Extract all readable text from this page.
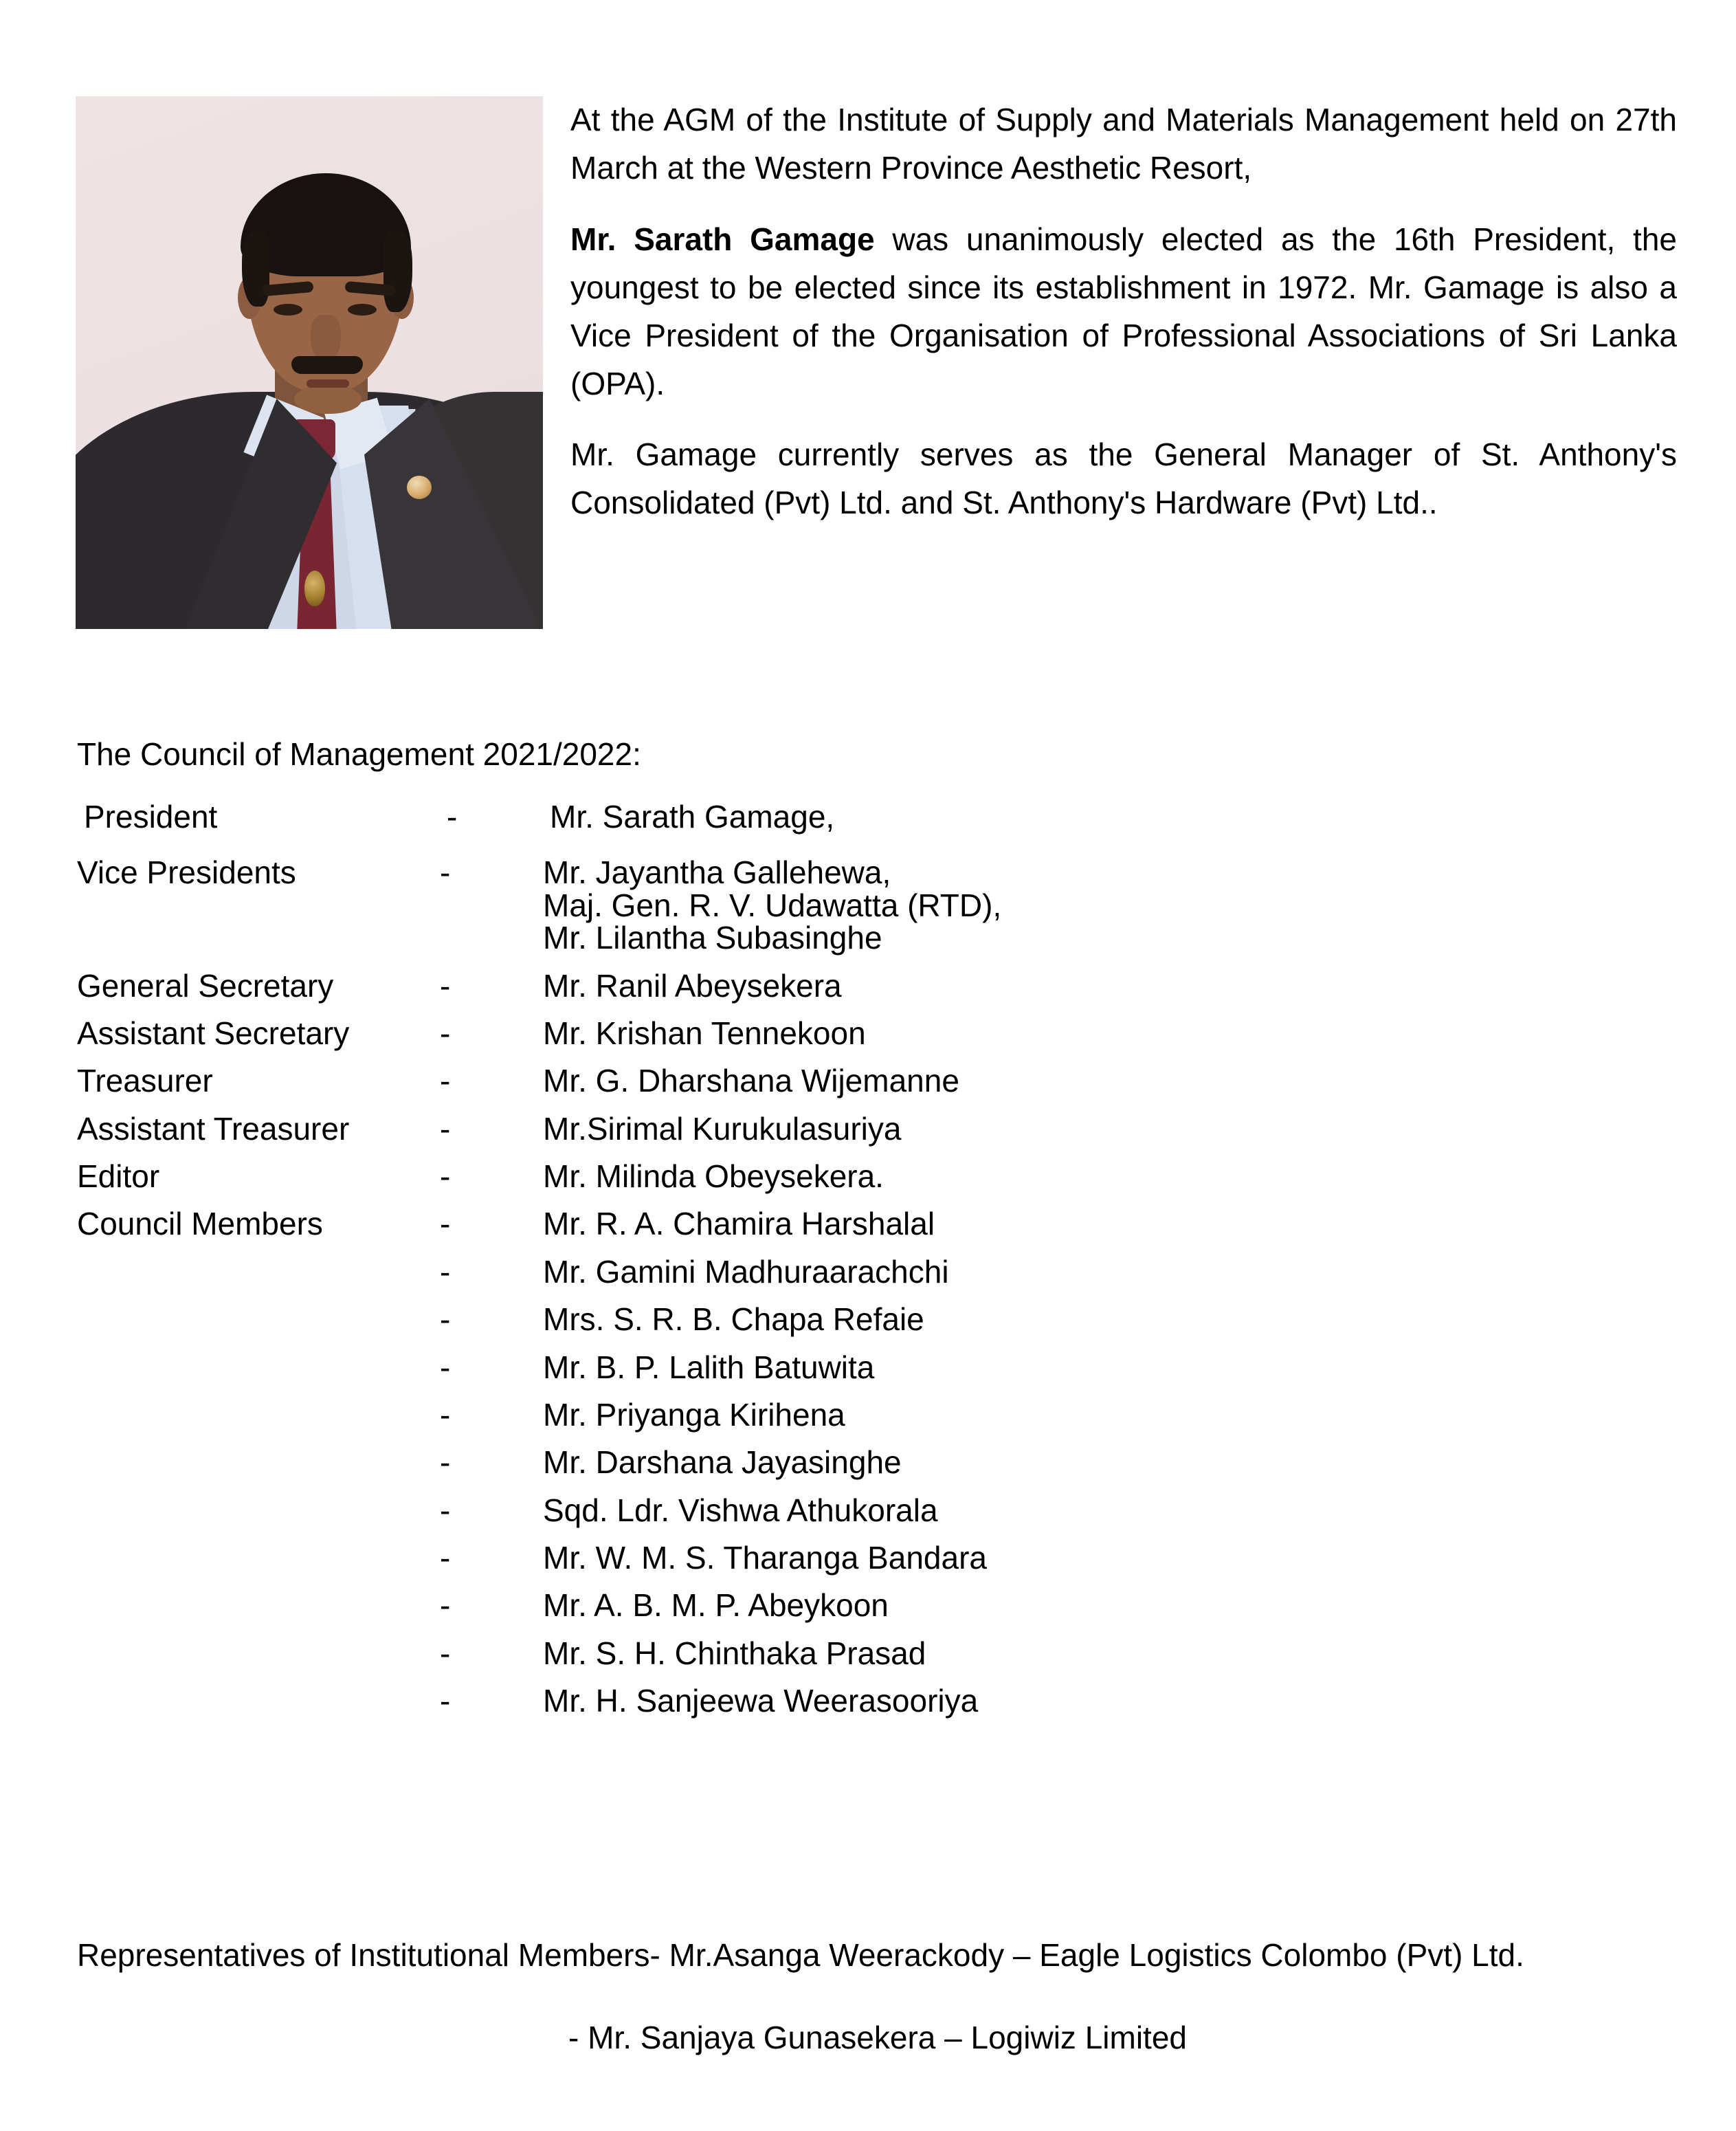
At the AGM of the Institute of Supply and Materials Management held on 27th March at the Western Province Aesthetic Resort,

Mr. Sarath Gamage was unanimously elected as the 16th President, the youngest to be elected since its establishment in 1972. Mr. Gamage is also a Vice President of the Organisation of Professional Associations of Sri Lanka (OPA).

Mr. Gamage currently serves as the General Manager of St. Anthony's Consolidated (Pvt) Ltd. and St. Anthony's Hardware (Pvt) Ltd..

The Council of Management 2021/2022:
President	-	Mr. Sarath Gamage,
Vice Presidents	-	Mr. Jayantha Gallehewa,
Maj. Gen. R. V. Udawatta (RTD),
Mr. Lilantha Subasinghe
General Secretary	-	Mr. Ranil Abeysekera
Assistant Secretary	-	Mr. Krishan Tennekoon
Treasurer	-	Mr. G. Dharshana Wijemanne
Assistant Treasurer	-	Mr.Sirimal Kurukulasuriya
Editor	-	Mr. Milinda Obeysekera.
Council Members	-	Mr. R. A. Chamira Harshalal
-	Mr. Gamini Madhuraarachchi
-	Mrs. S. R. B. Chapa Refaie
-	Mr. B. P. Lalith Batuwita
-	Mr. Priyanga Kirihena
-	Mr. Darshana Jayasinghe
-	Sqd. Ldr. Vishwa Athukorala
-	Mr. W. M. S. Tharanga Bandara
-	Mr. A. B. M. P. Abeykoon
-	Mr. S. H. Chinthaka Prasad
-	Mr. H. Sanjeewa Weerasooriya
Representatives of Institutional Members- Mr.Asanga Weerackody – Eagle Logistics Colombo (Pvt) Ltd.
- Mr. Sanjaya Gunasekera – Logiwiz Limited
